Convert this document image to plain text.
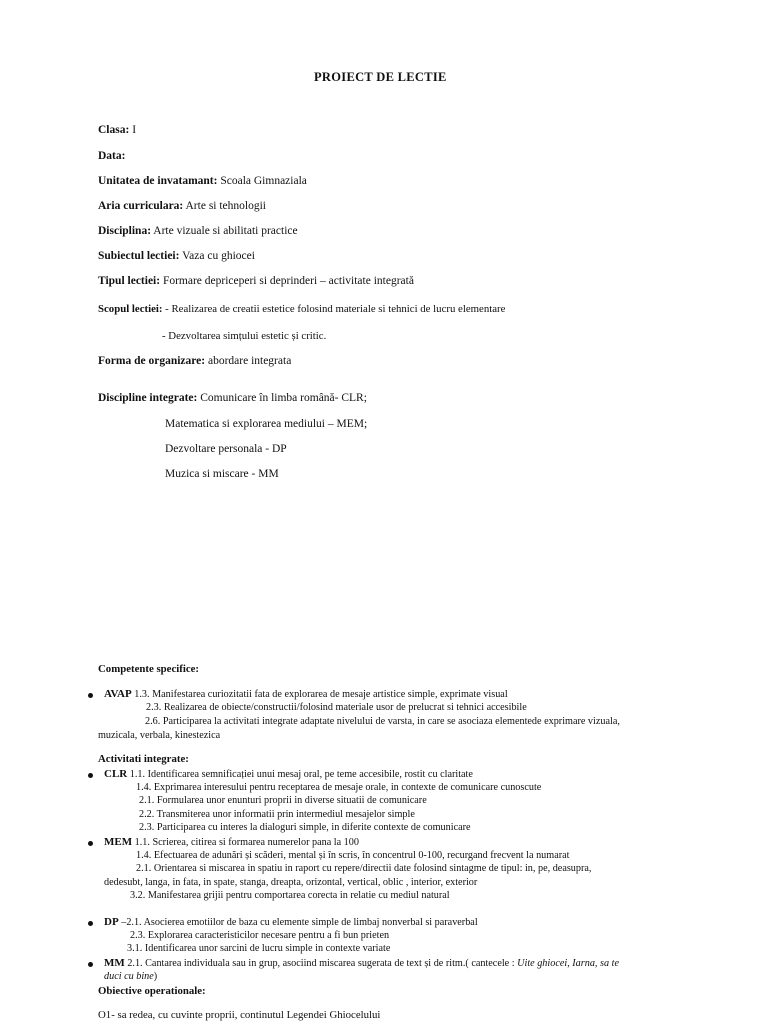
PROIECT DE LECTIE
Clasa: I
Data:
Unitatea de invatamant: Scoala Gimnaziala
Aria curriculara: Arte si tehnologii
Disciplina: Arte vizuale si abilitati practice
Subiectul lectiei: Vaza cu ghiocei
Tipul lectiei: Formare depriceperi si deprinderi – activitate integrată
Scopul lectiei: - Realizarea de creatii estetice folosind materiale si tehnici de lucru elementare
- Dezvoltarea simțului estetic și critic.
Forma de organizare: abordare integrata
Discipline integrate: Comunicare în limba română- CLR;
Matematica si explorarea mediului – MEM;
Dezvoltare personala - DP
Muzica si miscare - MM
Competente specifice:
AVAP 1.3. Manifestarea curiozitatii fata de explorarea de mesaje artistice simple, exprimate visual
2.3. Realizarea de obiecte/constructii/folosind materiale usor de prelucrat si tehnici accesibile
2.6. Participarea la activitati integrate adaptate nivelului de varsta, in care se asociaza elementede exprimare vizuala,
muzicala, verbala, kinestezica
Activitati integrate:
CLR 1.1. Identificarea semnificației unui mesaj oral, pe teme accesibile, rostit cu claritate
1.4. Exprimarea interesului pentru receptarea de mesaje orale, in contexte de comunicare cunoscute
2.1. Formularea unor enunturi proprii in diverse situatii de comunicare
2.2. Transmiterea unor informatii prin intermediul mesajelor simple
2.3. Participarea cu interes la dialoguri simple, in diferite contexte de comunicare
MEM 1.1. Scrierea, citirea si formarea numerelor pana la 100
1.4. Efectuarea de adunări și scăderi, mental și în scris, în concentrul 0-100, recurgand frecvent la numarat
2.1. Orientarea si miscarea in spatiu in raport cu repere/directii date folosind sintagme de tipul: in, pe, deasupra,
dedesubt, langa, in fata, in spate, stanga, dreapta, orizontal, vertical, oblic , interior, exterior
3.2. Manifestarea grijii pentru comportarea corecta in relatie cu mediul natural
DP –2.1. Asocierea emotiilor de baza cu elemente simple de limbaj nonverbal si paraverbal
2.3. Explorarea caracteristicilor necesare pentru a fi bun prieten
3.1. Identificarea unor sarcini de lucru simple in contexte variate
MM 2.1. Cantarea individuala sau in grup, asociind miscarea sugerata de text și de ritm.( cantecele : Uite ghiocei, Iarna, sa te
duci cu bine)
Obiective operationale:
O1- sa redea, cu cuvinte proprii, continutul Legendei Ghiocelului
